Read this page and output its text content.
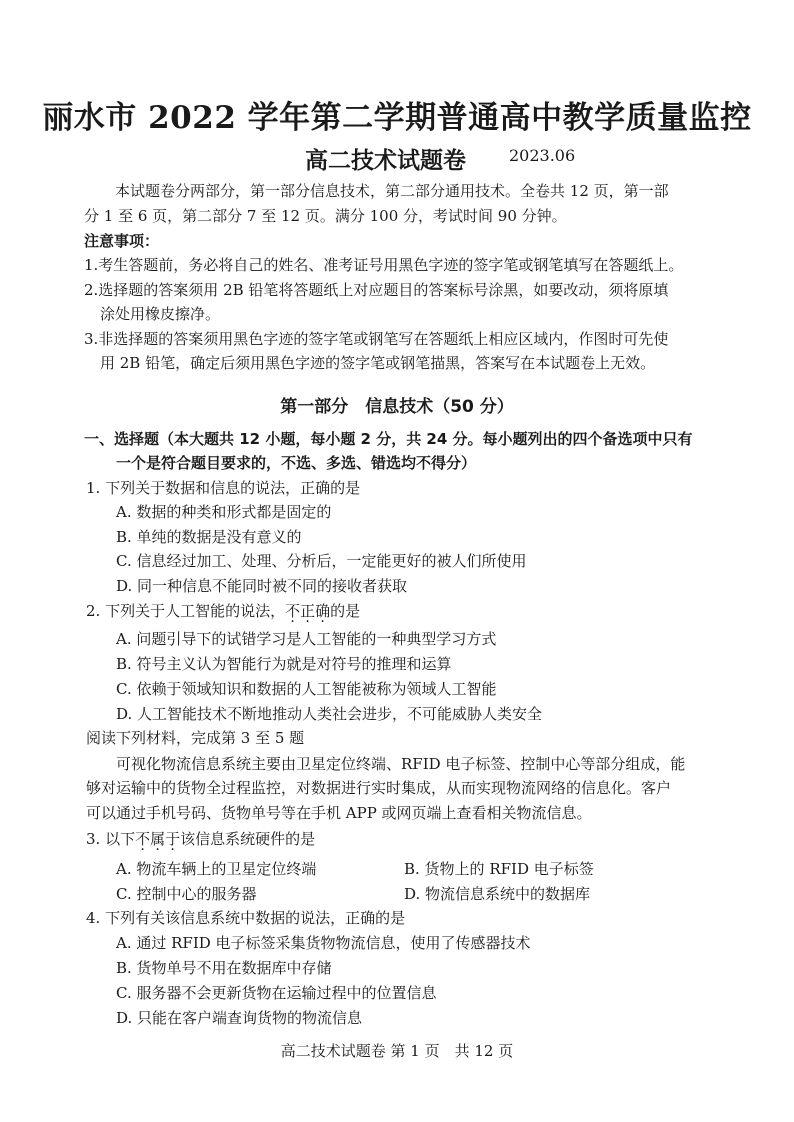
丽水市 2022 学年第二学期普通高中教学质量监控
高二技术试题卷	2023.06
本试题卷分两部分，第一部分信息技术，第二部分通用技术。全卷共 12 页，第一部
分 1 至 6 页，第二部分 7 至 12 页。满分 100 分，考试时间 90 分钟。
注意事项：
1.考生答题前，务必将自己的姓名、准考证号用黑色字迹的签字笔或钢笔填写在答题纸上。
2.选择题的答案须用 2B 铅笔将答题纸上对应题目的答案标号涂黑，如要改动，须将原填
涂处用橡皮擦净。
3.非选择题的答案须用黑色字迹的签字笔或钢笔写在答题纸上相应区域内，作图时可先使
用 2B 铅笔，确定后须用黑色字迹的签字笔或钢笔描黑，答案写在本试题卷上无效。
第一部分　信息技术（50 分）
一、选择题（本大题共 12 小题，每小题 2 分，共 24 分。每小题列出的四个备选项中只有
一个是符合题目要求的，不选、多选、错选均不得分）
1. 下列关于数据和信息的说法，正确的是
A. 数据的种类和形式都是固定的
B. 单纯的数据是没有意义的
C. 信息经过加工、处理、分析后，一定能更好的被人们所使用
D. 同一种信息不能同时被不同的接收者获取
2. 下列关于人工智能的说法，不正确的是
A. 问题引导下的试错学习是人工智能的一种典型学习方式
B. 符号主义认为智能行为就是对符号的推理和运算
C. 依赖于领域知识和数据的人工智能被称为领域人工智能
D. 人工智能技术不断地推动人类社会进步，不可能威胁人类安全
阅读下列材料，完成第 3 至 5 题
可视化物流信息系统主要由卫星定位终端、RFID 电子标签、控制中心等部分组成，能
够对运输中的货物全过程监控，对数据进行实时集成，从而实现物流网络的信息化。客户
可以通过手机号码、货物单号等在手机 APP 或网页端上查看相关物流信息。
3. 以下不属于该信息系统硬件的是
A. 物流车辆上的卫星定位终端	B. 货物上的 RFID 电子标签
C. 控制中心的服务器	D. 物流信息系统中的数据库
4. 下列有关该信息系统中数据的说法，正确的是
A. 通过 RFID 电子标签采集货物物流信息，使用了传感器技术
B. 货物单号不用在数据库中存储
C. 服务器不会更新货物在运输过程中的位置信息
D. 只能在客户端查询货物的物流信息
高二技术试题卷 第 1 页　共 12 页
